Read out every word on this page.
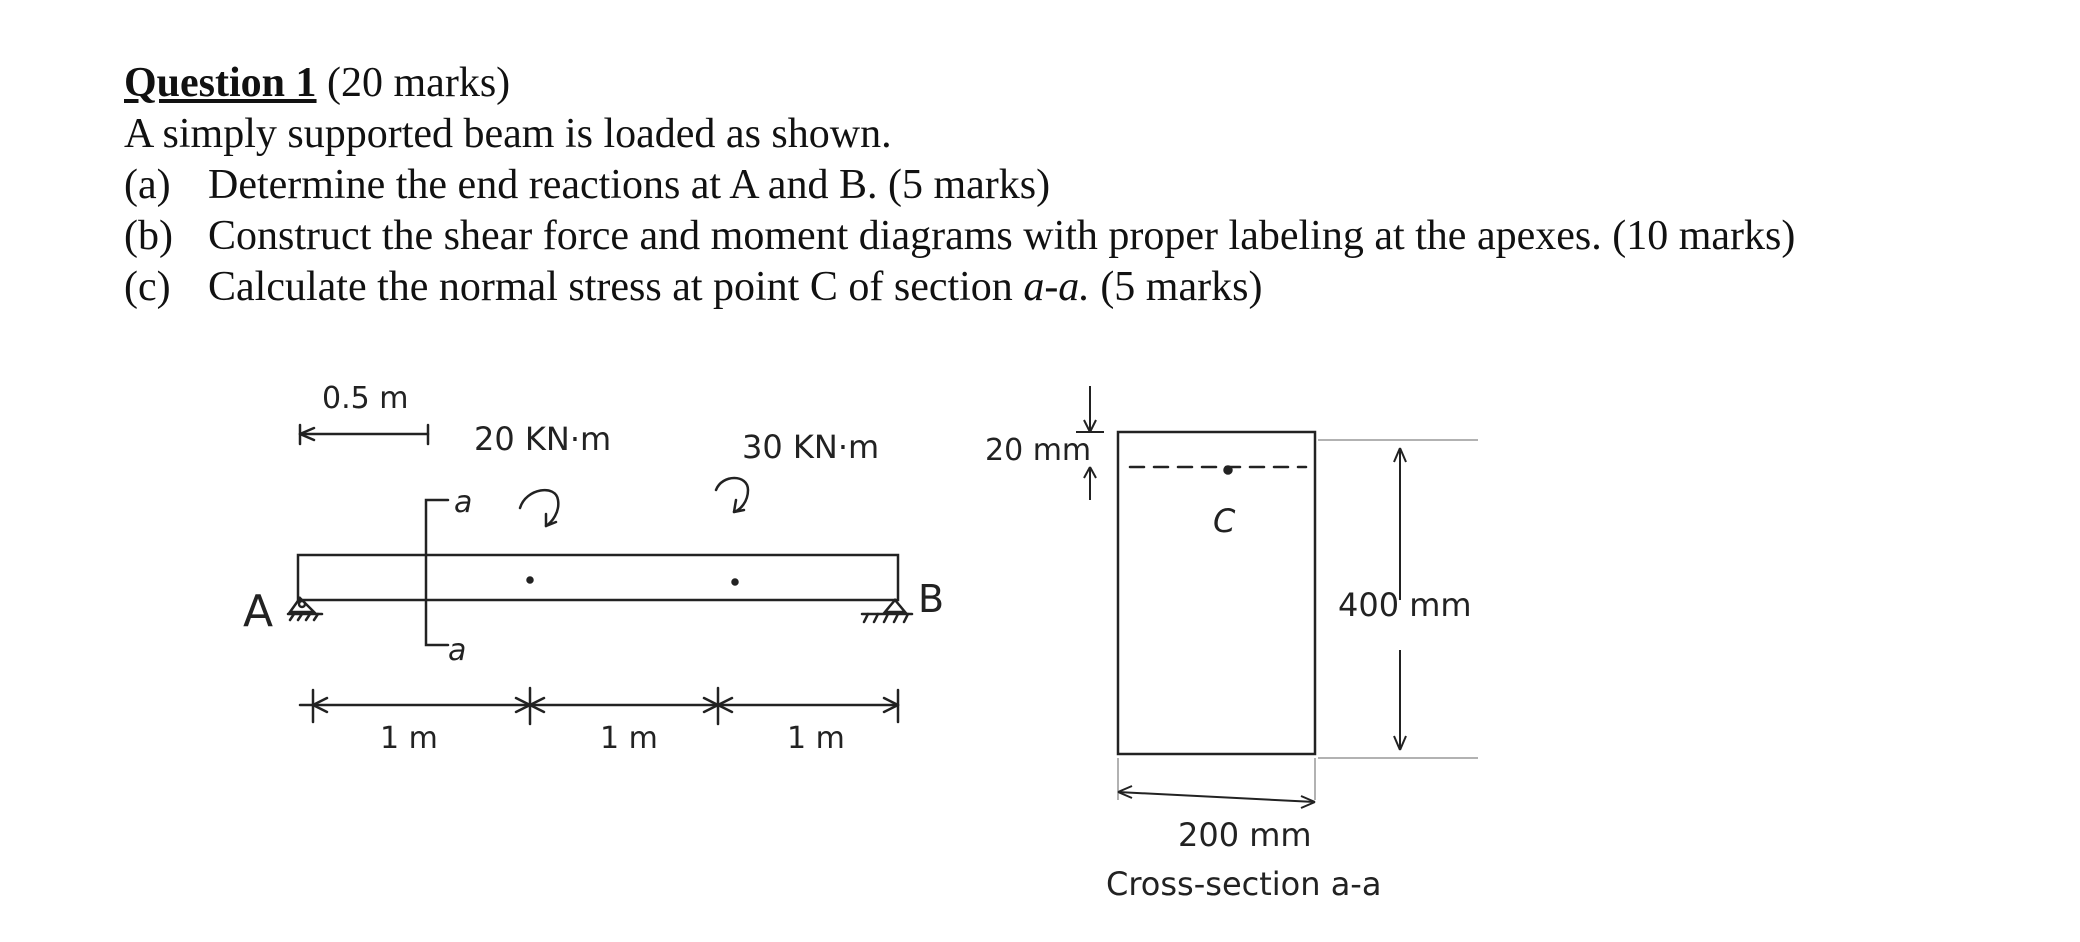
Question 1 (20 marks)
A simply supported beam is loaded as shown.
(a) Determine the end reactions at A and B. (5 marks)
(b) Construct the shear force and moment diagrams with proper labeling at the apexes. (10 marks)
(c) Calculate the normal stress at point C of section a-a. (5 marks)
A	B
0.5 m
a
a
20 KN·m	30 KN·m
1 m	1 m	1 m
20 mm
C
400 mm
200 mm
Cross-section a-a
